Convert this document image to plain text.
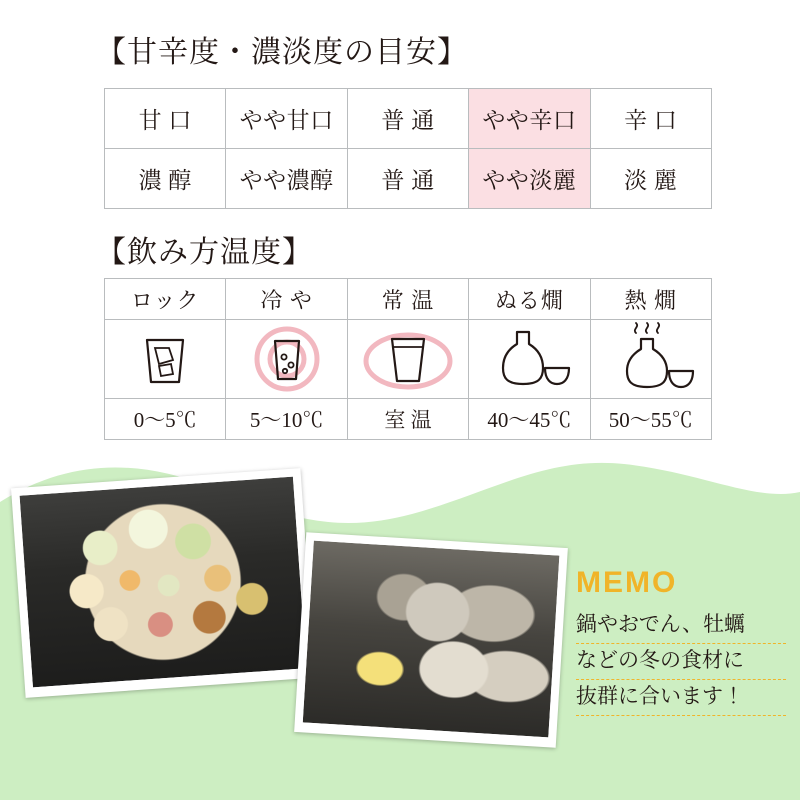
【甘辛度・濃淡度の目安】
甘 口	やや甘口	普 通	やや辛口	辛 口
濃 醇	やや濃醇	普 通	やや淡麗	淡 麗
【飲み方温度】
ロック	冷 や	常 温	ぬる燗	熱 燗

0〜5℃	5〜10℃	室 温	40〜45℃	50〜55℃
MEMO
鍋やおでん、牡蠣
などの冬の食材に
抜群に合います！
